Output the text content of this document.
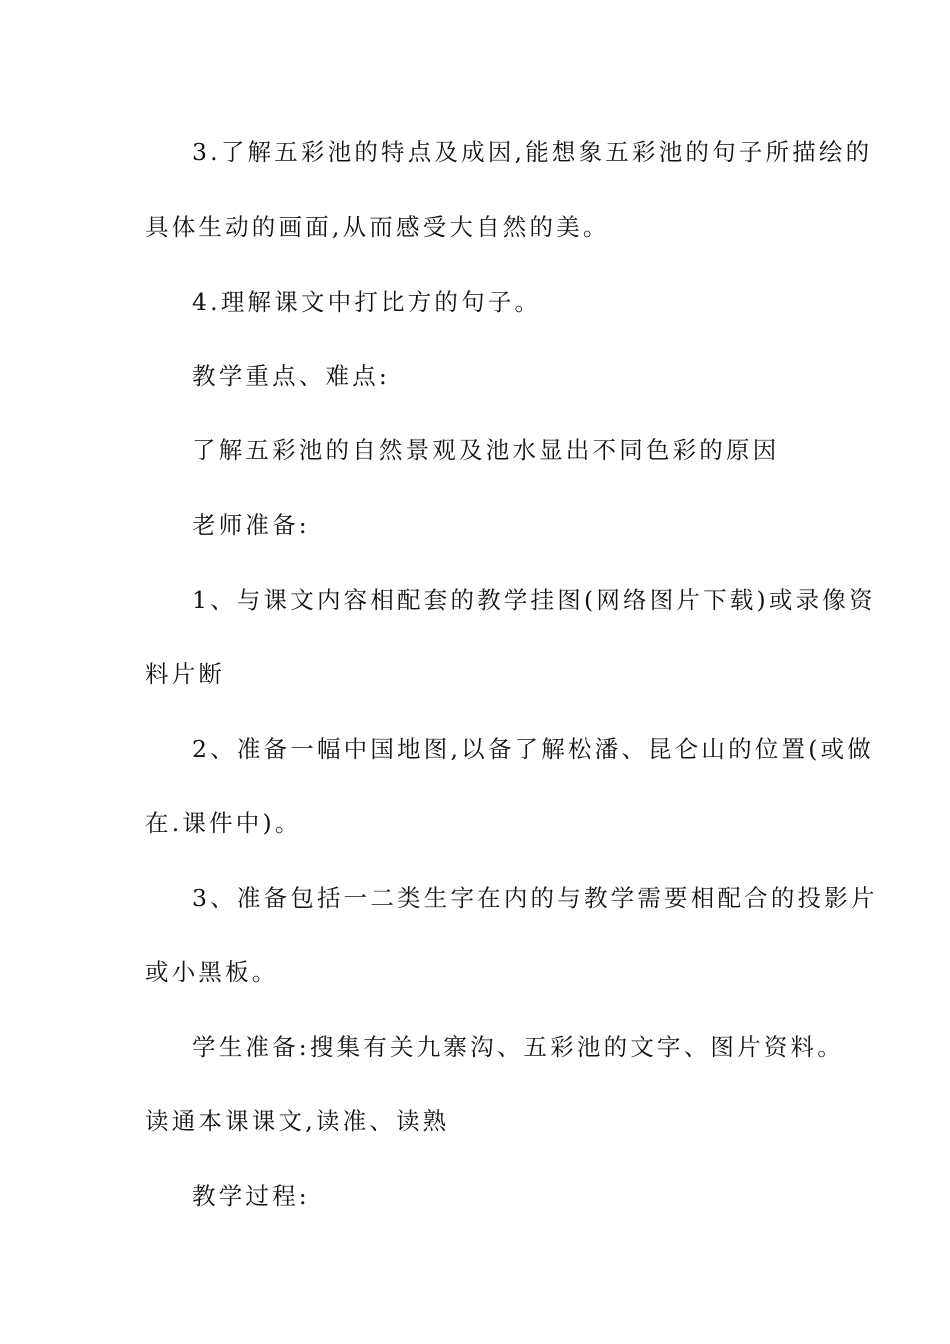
3.了解五彩池的特点及成因,能想象五彩池的句子所描绘的
具体生动的画面,从而感受大自然的美。
4.理解课文中打比方的句子。
教学重点、难点:
了解五彩池的自然景观及池水显出不同色彩的原因
老师准备:
1、与课文内容相配套的教学挂图(网络图片下载)或录像资
料片断
2、准备一幅中国地图,以备了解松潘、昆仑山的位置(或做
在.课件中)。
3、准备包括一二类生字在内的与教学需要相配合的投影片
或小黑板。
学生准备:搜集有关九寨沟、五彩池的文字、图片资料。
读通本课课文,读准、读熟
教学过程:
